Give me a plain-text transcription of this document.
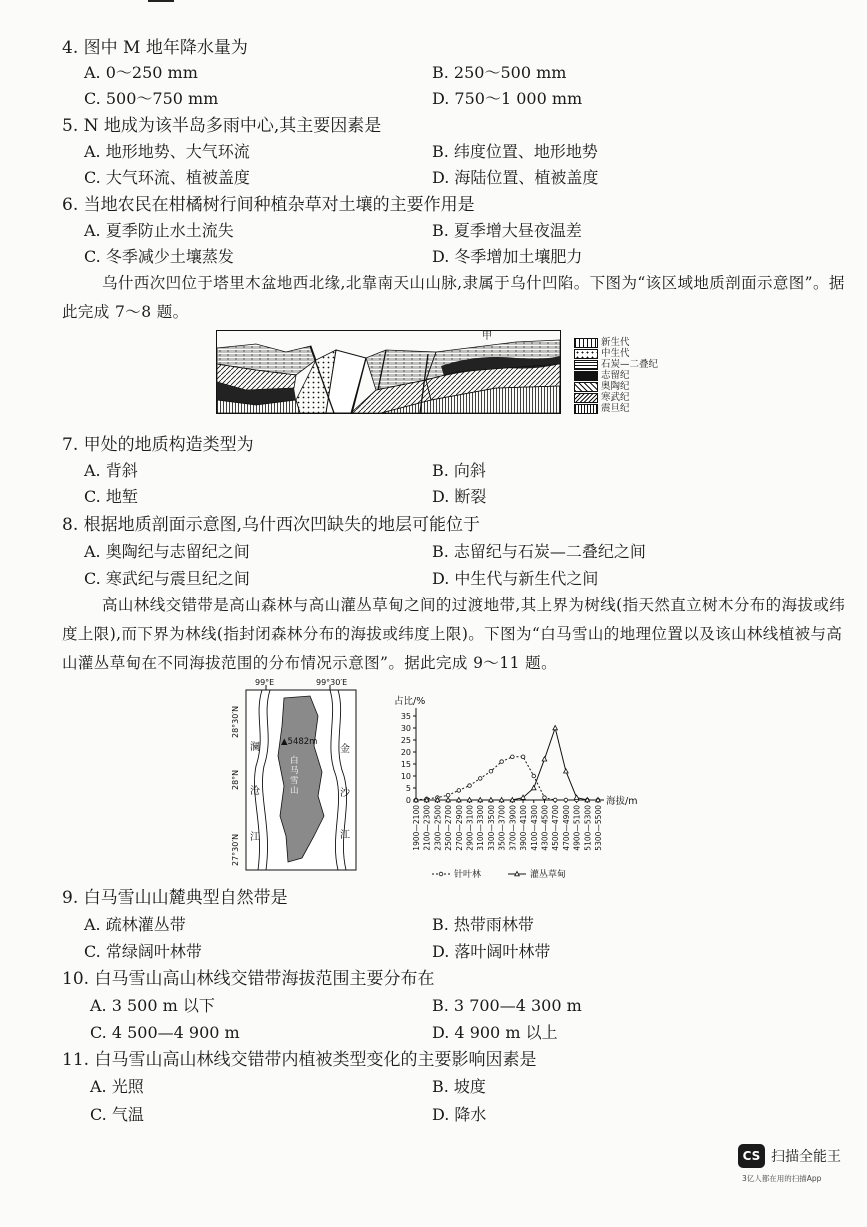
4. 图中 M 地年降水量为
A. 0～250 mm	B. 250～500 mm
C. 500～750 mm	D. 750～1 000 mm
5. N 地成为该半岛多雨中心,其主要因素是
A. 地形地势、大气环流	B. 纬度位置、地形地势
C. 大气环流、植被盖度	D. 海陆位置、植被盖度
6. 当地农民在柑橘树行间种植杂草对土壤的主要作用是
A. 夏季防止水土流失	B. 夏季增大昼夜温差
C. 冬季减少土壤蒸发	D. 冬季增加土壤肥力
乌什西次凹位于塔里木盆地西北缘,北靠南天山山脉,隶属于乌什凹陷。下图为“该区域地质剖面示意图”。据此完成 7～8 题。
甲
新生代
中生代
石炭—二叠纪
志留纪
奥陶纪
寒武纪
震旦纪
7. 甲处的地质构造类型为
A. 背斜	B. 向斜
C. 地堑	D. 断裂
8. 根据地质剖面示意图,乌什西次凹缺失的地层可能位于
A. 奥陶纪与志留纪之间	B. 志留纪与石炭—二叠纪之间
C. 寒武纪与震旦纪之间	D. 中生代与新生代之间
高山林线交错带是高山森林与高山灌丛草甸之间的过渡地带,其上界为树线(指天然直立树木分布的海拔或纬度上限),而下界为林线(指封闭森林分布的海拔或纬度上限)。下图为“白马雪山的地理位置以及该山林线植被与高山灌丛草甸在不同海拔范围的分布情况示意图”。据此完成 9～11 题。
99°E	99°30′E
28°30′N
28°N
27°30′N
▲5482m
澜
沧
江
金
沙
江
白马雪山
0
5
10
15
20
25
30
35
1900—2100 2100—2300 2300—2500 2500—2700 2700—2900 2900—3100 3100—3300 3300—3500 3500—3700 3700—3900 3900—4100 4100—4300 4300—4500 4500—4700 4700—4900 4900—5100 5100—5300 5300—5500
占比/%
海拔/m
针叶林	灌丛草甸
9. 白马雪山山麓典型自然带是
A. 疏林灌丛带	B. 热带雨林带
C. 常绿阔叶林带	D. 落叶阔叶林带
10. 白马雪山高山林线交错带海拔范围主要分布在
A. 3 500 m 以下	B. 3 700—4 300 m
C. 4 500—4 900 m	D. 4 900 m 以上
11. 白马雪山高山林线交错带内植被类型变化的主要影响因素是
A. 光照	B. 坡度
C. 气温	D. 降水
CS 扫描全能王
3亿人都在用的扫描App
